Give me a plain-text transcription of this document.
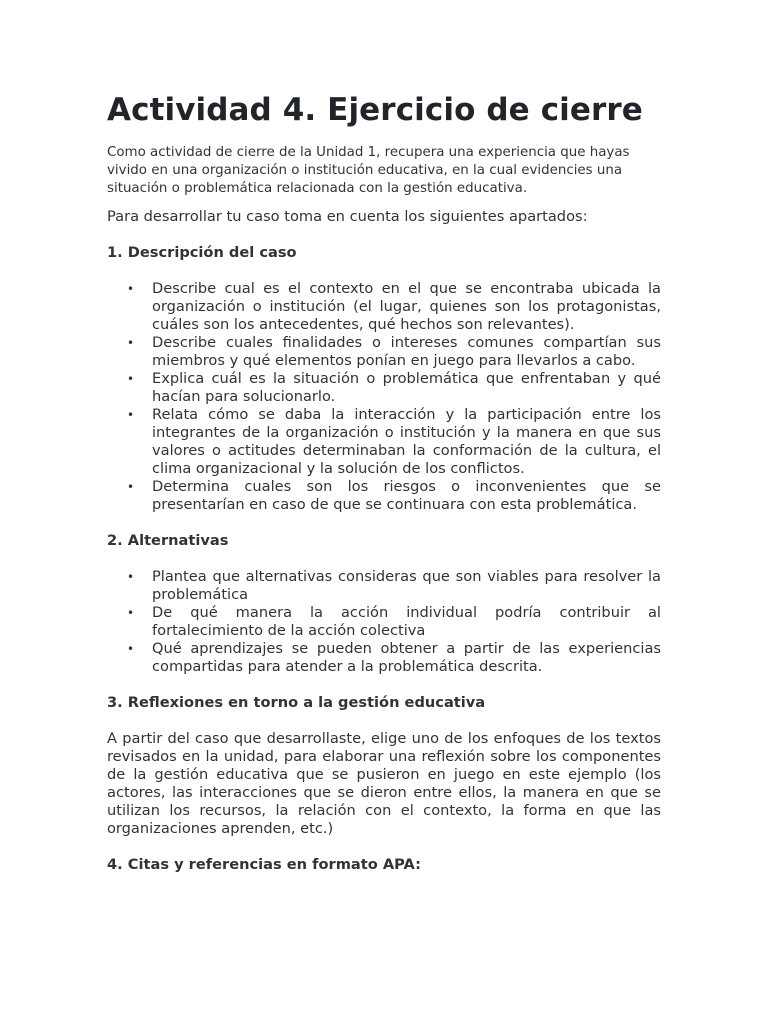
Actividad 4. Ejercicio de cierre

Como actividad de cierre de la Unidad 1, recupera una experiencia que hayas vivido en una organización o institución educativa, en la cual evidencies una situación o problemática relacionada con la gestión educativa.

Para desarrollar tu caso toma en cuenta los siguientes apartados:

1. Descripción del caso

• Describe cual es el contexto en el que se encontraba ubicada la organización o institución (el lugar, quienes son los protagonistas, cuáles son los antecedentes, qué hechos son relevantes).
• Describe cuales finalidades o intereses comunes compartían sus miembros y qué elementos ponían en juego para llevarlos a cabo.
• Explica cuál es la situación o problemática que enfrentaban y qué hacían para solucionarlo.
• Relata cómo se daba la interacción y la participación entre los integrantes de la organización o institución y la manera en que sus valores o actitudes determinaban la conformación de la cultura, el clima organizacional y la solución de los conflictos.
• Determina cuales son los riesgos o inconvenientes que se presentarían en caso de que se continuara con esta problemática.

2. Alternativas

• Plantea que alternativas consideras que son viables para resolver la problemática
• De qué manera la acción individual podría contribuir al fortalecimiento de la acción colectiva
• Qué aprendizajes se pueden obtener a partir de las experiencias compartidas para atender a la problemática descrita.

3. Reflexiones en torno a la gestión educativa

A partir del caso que desarrollaste, elige uno de los enfoques de los textos revisados en la unidad, para elaborar una reflexión sobre los componentes de la gestión educativa que se pusieron en juego en este ejemplo (los actores, las interacciones que se dieron entre ellos, la manera en que se utilizan los recursos, la relación con el contexto, la forma en que las organizaciones aprenden, etc.)

4. Citas y referencias en formato APA:
